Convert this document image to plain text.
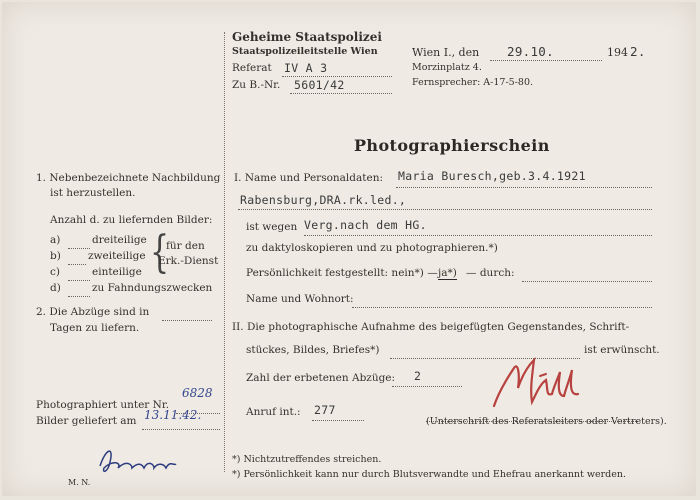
Geheime Staatspolizei
Staatspolizeileitstelle Wien
Referat IV A 3
Zu B.-Nr. 5601/42
Wien I., den 29.10.	194 2.
Morzinplatz 4.
Fernsprecher: A-17-5-80.
Photographierschein
1. Nebenbezeichnete Nachbildung
ist herzustellen.
Anzahl d. zu liefernden Bilder:
a)	dreiteilige
b)	zweiteilige
c)	einteilige
d)	zu Fahndungszwecken
{
für den
Erk.-Dienst
2. Die Abzüge sind in
Tagen zu liefern.
Photographiert unter Nr.
6828
Bilder geliefert am 13.11.42.
M. N.
I. Name und Personaldaten: Maria Buresch,geb.3.4.1921
Rabensburg,DRA.rk.led.,
ist wegen Verg.nach dem HG.
zu daktyloskopieren und zu photographieren.*)
Persönlichkeit festgestellt: nein*) — ja*) — durch:
Name und Wohnort:
II. Die photographische Aufnahme des beigefügten Gegenstandes, Schrift-
stückes, Bildes, Briefes*)	ist erwünscht.
Zahl der erbetenen Abzüge: 2
Anruf int.: 277
(Unterschrift des Referatsleiters oder Vertreters).
*) Nichtzutreffendes streichen.
*) Persönlichkeit kann nur durch Blutsverwandte und Ehefrau anerkannt werden.
